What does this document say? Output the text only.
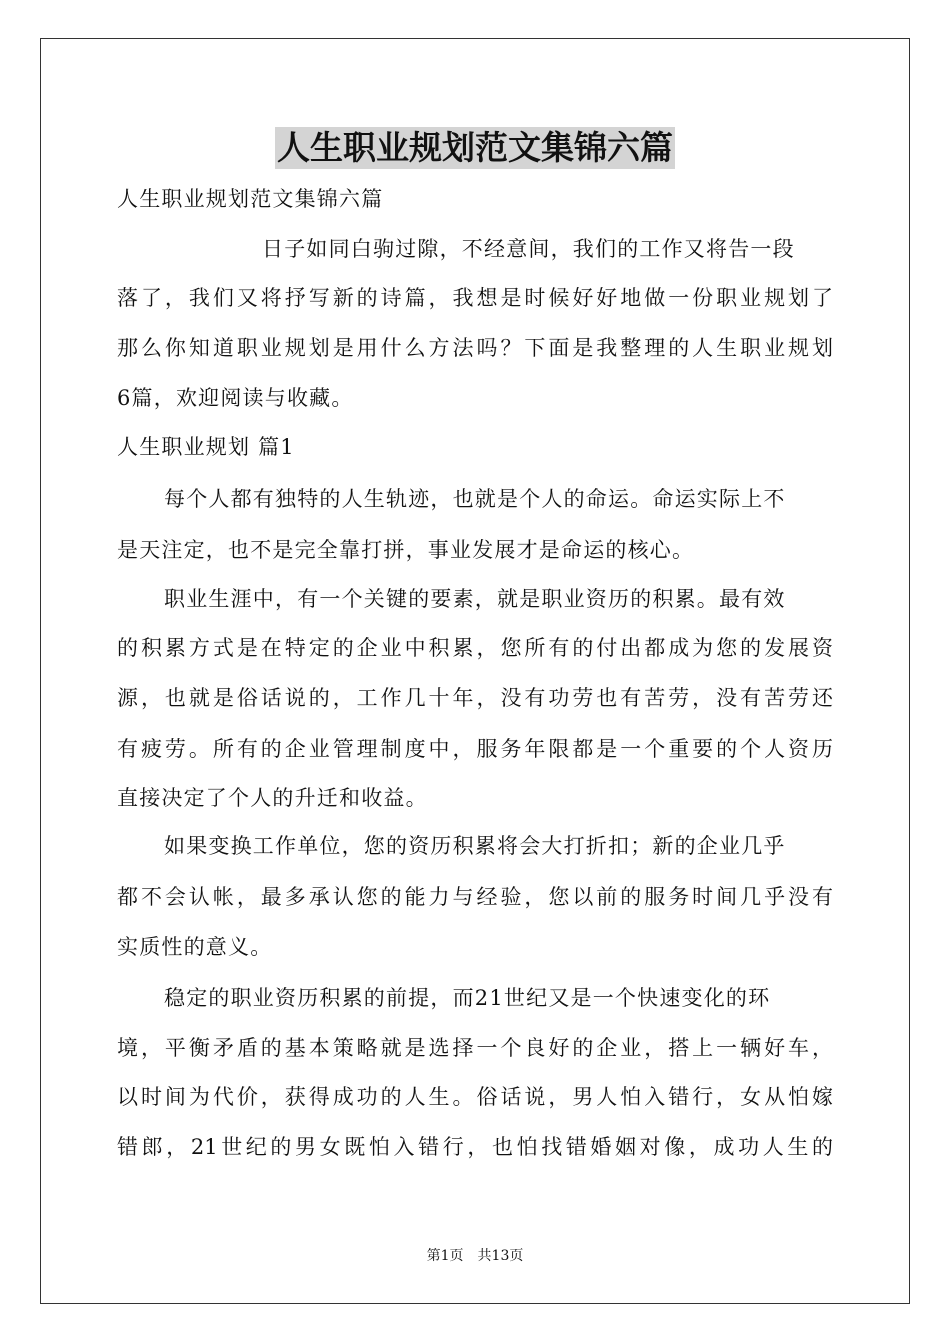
人生职业规划范文集锦六篇
人生职业规划范文集锦六篇
日子如同白驹过隙，不经意间，我们的工作又将告一段
落了，我们又将抒写新的诗篇，我想是时候好好地做一份职业规划了
那么你知道职业规划是用什么方法吗？下面是我整理的人生职业规划
6篇，欢迎阅读与收藏。
人生职业规划 篇1
每个人都有独特的人生轨迹，也就是个人的命运。命运实际上不
是天注定，也不是完全靠打拼，事业发展才是命运的核心。
职业生涯中，有一个关键的要素，就是职业资历的积累。最有效
的积累方式是在特定的企业中积累，您所有的付出都成为您的发展资
源，也就是俗话说的，工作几十年，没有功劳也有苦劳，没有苦劳还
有疲劳。所有的企业管理制度中，服务年限都是一个重要的个人资历
直接决定了个人的升迁和收益。
如果变换工作单位，您的资历积累将会大打折扣；新的企业几乎
都不会认帐，最多承认您的能力与经验，您以前的服务时间几乎没有
实质性的意义。
稳定的职业资历积累的前提，而21世纪又是一个快速变化的环
境，平衡矛盾的基本策略就是选择一个良好的企业，搭上一辆好车，
以时间为代价，获得成功的人生。俗话说，男人怕入错行，女从怕嫁
错郎，21世纪的男女既怕入错行，也怕找错婚姻对像，成功人生的
第1页　共13页
